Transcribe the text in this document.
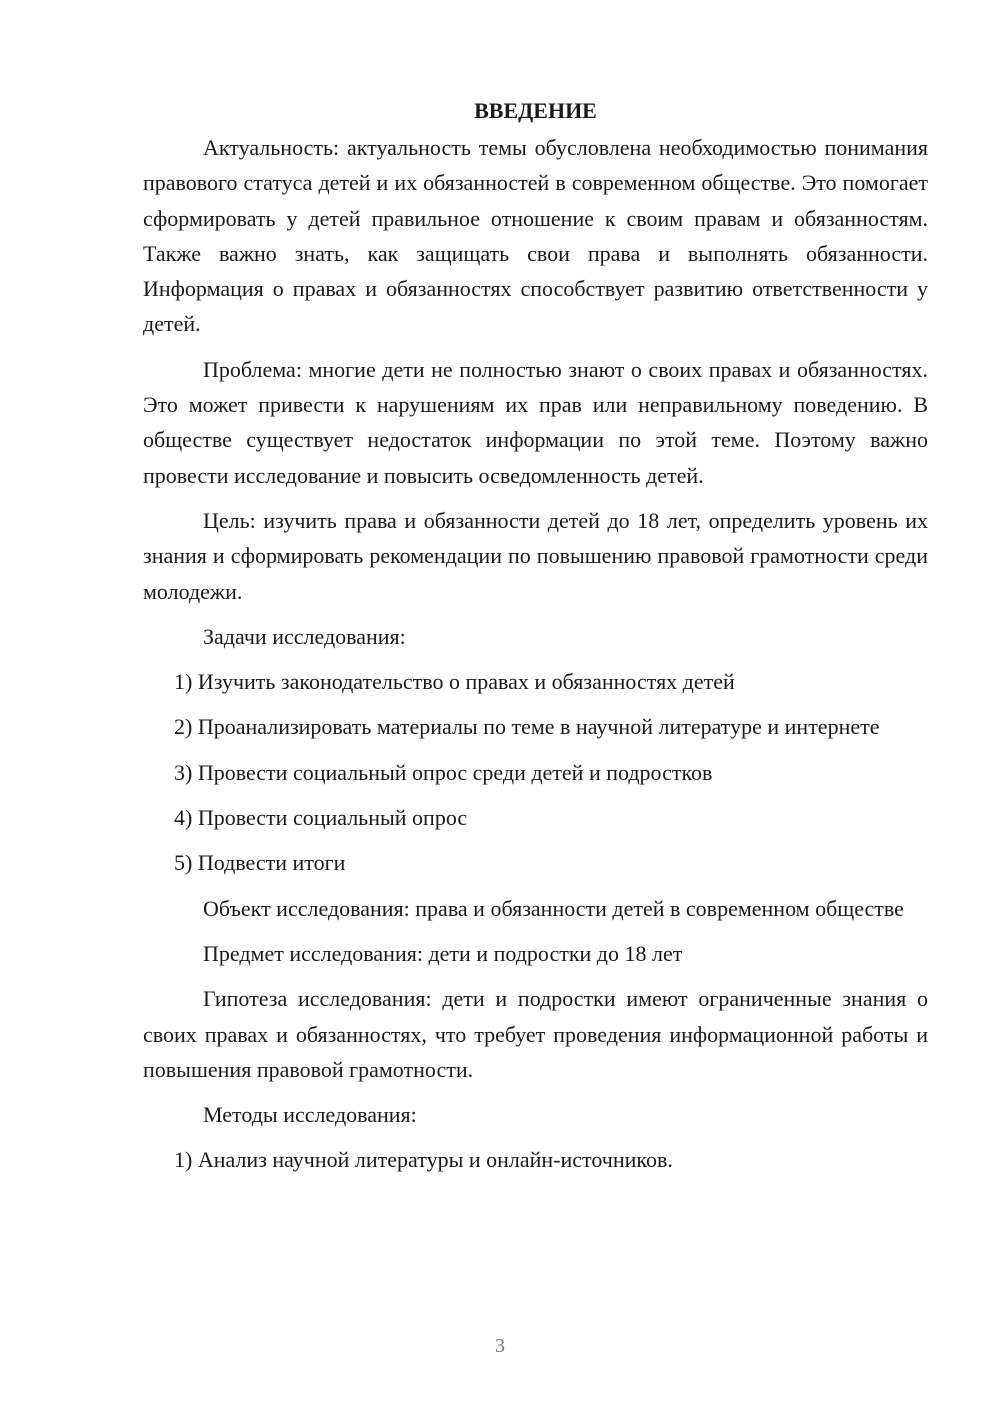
ВВЕДЕНИЕ

Актуальность: актуальность темы обусловлена необходимостью понимания правового статуса детей и их обязанностей в современном обществе. Это помогает сформировать у детей правильное отношение к своим правам и обязанностям. Также важно знать, как защищать свои права и выполнять обязанности. Информация о правах и обязанностях способствует развитию ответственности у детей.

Проблема: многие дети не полностью знают о своих правах и обязанностях. Это может привести к нарушениям их прав или неправильному поведению. В обществе существует недостаток информации по этой теме. Поэтому важно провести исследование и повысить осведомленность детей.

Цель: изучить права и обязанности детей до 18 лет, определить уровень их знания и сформировать рекомендации по повышению правовой грамотности среди молодежи.

Задачи исследования:

1) Изучить законодательство о правах и обязанностях детей

2) Проанализировать материалы по теме в научной литературе и интернете

3) Провести социальный опрос среди детей и подростков

4) Провести социальный опрос

5) Подвести итоги

Объект исследования: права и обязанности детей в современном обществе

Предмет исследования: дети и подростки до 18 лет

Гипотеза исследования: дети и подростки имеют ограниченные знания о своих правах и обязанностях, что требует проведения информационной работы и повышения правовой грамотности.

Методы исследования:

1) Анализ научной литературы и онлайн-источников.

3
